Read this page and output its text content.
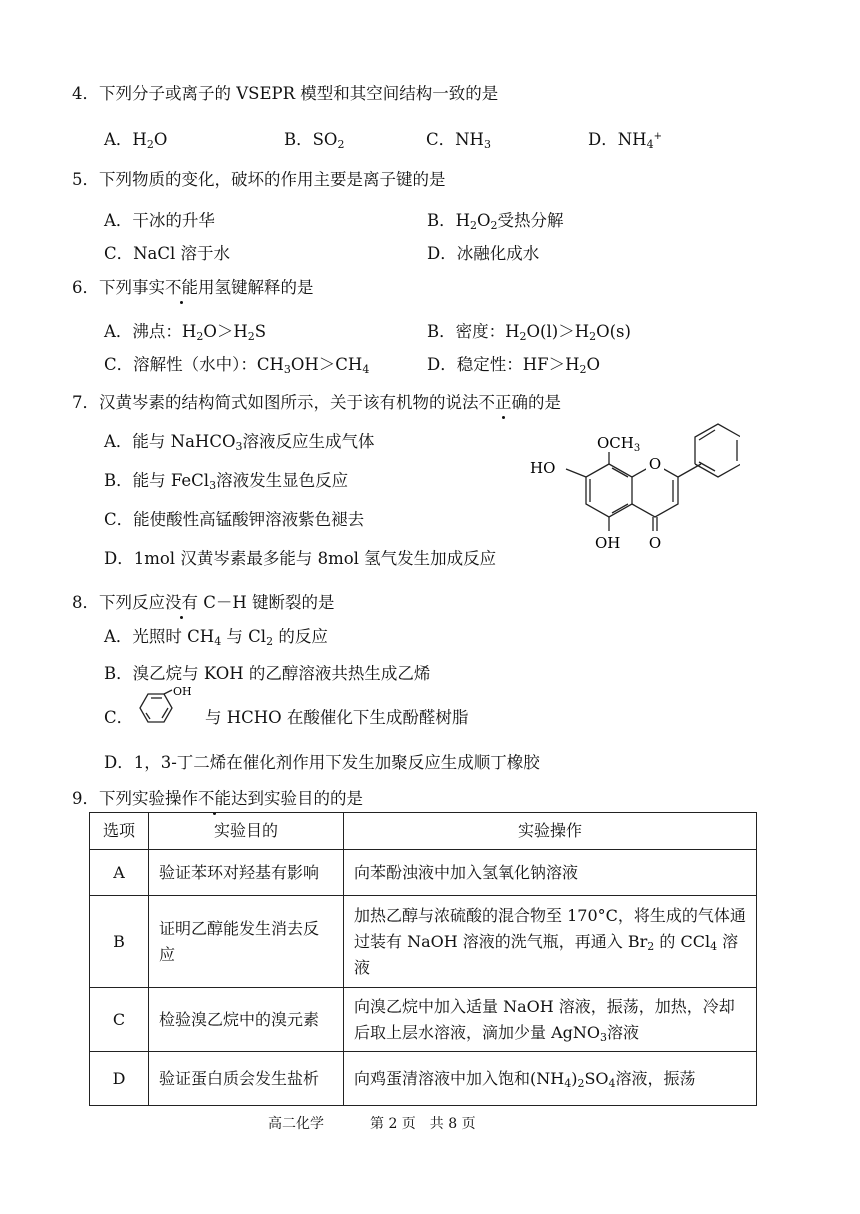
4．下列分子或离子的 VSEPR 模型和其空间结构一致的是
A．$H_2O$	B．$SO_2$	C．$NH_3$	D．$NH_4^+$
5．下列物质的变化，破坏的作用主要是离子键的是
A．干冰的升华	B．$H_2O_2$受热分解
C．NaCl 溶于水	D．冰融化成水
6．下列事实不能用氢键解释的是
A．沸点：$H_2O>H_2S$	B．密度：$H_2O(l)>H_2O(s)$
C．溶解性（水中）：$CH_3OH>CH_4$	D．稳定性：$HF>H_2O$
7．汉黄岑素的结构简式如图所示，关于该有机物的说法不正确的是
A．能与 NaHCO$_3$溶液反应生成气体
B．能与 FeCl$_3$溶液发生显色反应
C．能使酸性高锰酸钾溶液紫色褪去
D．1mol 汉黄岑素最多能与 8mol 氢气发生加成反应
O
$OCH_3$
HO
OH O
8．下列反应没有 C－H 键断裂的是
A．光照时 $CH_4$ 与 $Cl_2$ 的反应
B．溴乙烷与 KOH 的乙醇溶液共热生成乙烯
C．
OH
与 HCHO 在酸催化下生成酚醛树脂
D．1，3-丁二烯在催化剂作用下发生加聚反应生成顺丁橡胶
9．下列实验操作不能达到实验目的的是
选项	实验目的	实验操作
A	验证苯环对羟基有影响	向苯酚浊液中加入氢氧化钠溶液
B	证明乙醇能发生消去反应	加热乙醇与浓硫酸的混合物至 170°C，将生成的气体通过装有 NaOH 溶液的洗气瓶，再通入 $Br_2$ 的 CCl$_4$ 溶液
C	检验溴乙烷中的溴元素	向溴乙烷中加入适量 NaOH 溶液，振荡，加热，冷却后取上层水溶液，滴加少量 AgNO$_3$溶液
D	验证蛋白质会发生盐析	向鸡蛋清溶液中加入饱和$(NH_4)_2SO_4$溶液，振荡
高二化学	第 2 页　共 8 页
